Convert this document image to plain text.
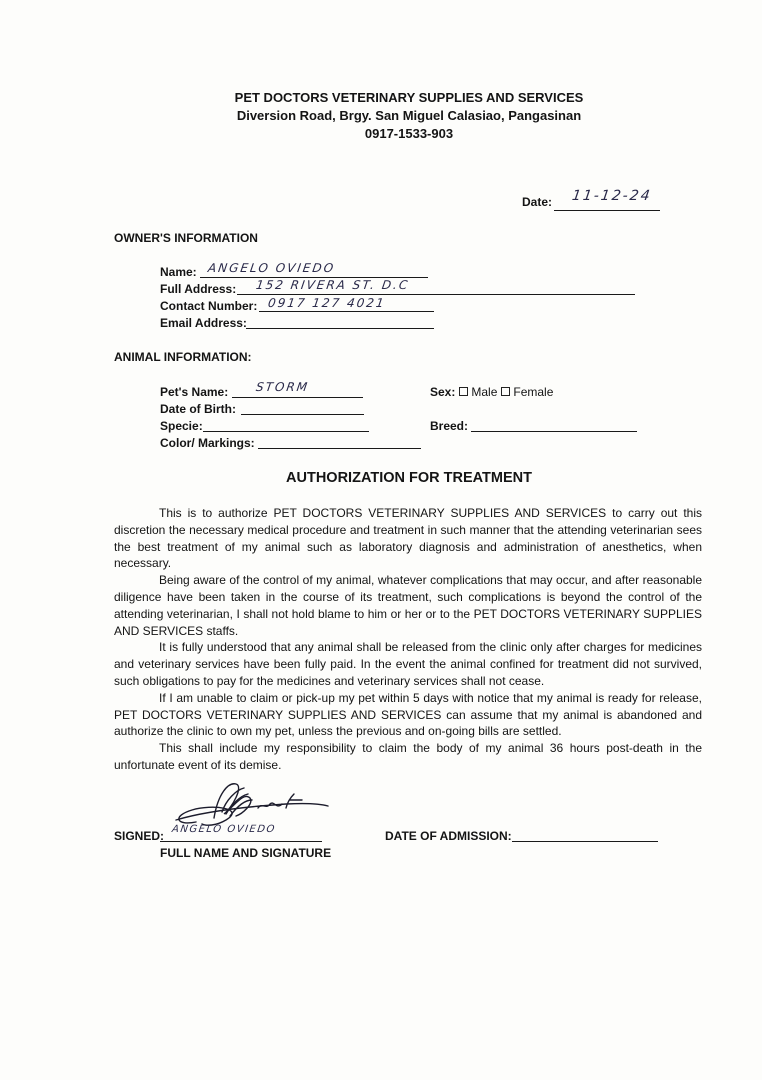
PET DOCTORS VETERINARY SUPPLIES AND SERVICES
Diversion Road, Brgy. San Miguel Calasiao, Pangasinan
0917-1533-903
Date: 11-12-24
OWNER'S INFORMATION
Name: ANGELO OVIEDO
Full Address: 152 RIVERA ST. D.C
Contact Number: 0917 127 4021
Email Address:
ANIMAL INFORMATION:
Pet's Name: STORM
Date of Birth:
Specie:
Color/ Markings:
Sex: Male Female
Breed:
AUTHORIZATION FOR TREATMENT

This is to authorize PET DOCTORS VETERINARY SUPPLIES AND SERVICES to carry out this discretion the necessary medical procedure and treatment in such manner that the attending veterinarian sees the best treatment of my animal such as laboratory diagnosis and administration of anesthetics, when necessary.

Being aware of the control of my animal, whatever complications that may occur, and after reasonable diligence have been taken in the course of its treatment, such complications is beyond the control of the attending veterinarian, I shall not hold blame to him or her or to the PET DOCTORS VETERINARY SUPPLIES AND SERVICES staffs.

It is fully understood that any animal shall be released from the clinic only after charges for medicines and veterinary services have been fully paid. In the event the animal confined for treatment did not survived, such obligations to pay for the medicines and veterinary services shall not cease.

If I am unable to claim or pick-up my pet within 5 days with notice that my animal is ready for release, PET DOCTORS VETERINARY SUPPLIES AND SERVICES can assume that my animal is abandoned and authorize the clinic to own my pet, unless the previous and on-going bills are settled.

This shall include my responsibility to claim the body of my animal 36 hours post-death in the unfortunate event of its demise.

SIGNED: ANGELO OVIEDO
FULL NAME AND SIGNATURE
DATE OF ADMISSION:
